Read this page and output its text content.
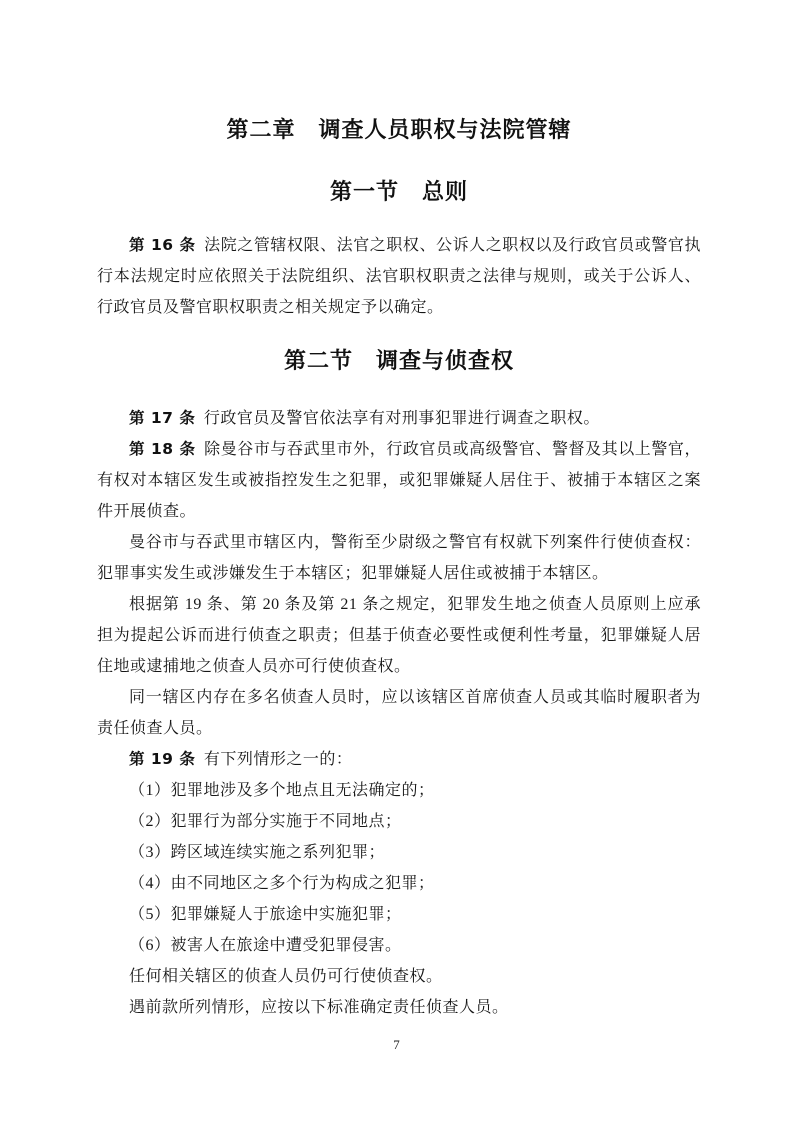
第二章　调查人员职权与法院管辖
第一节　总则

第 16 条 法院之管辖权限、法官之职权、公诉人之职权以及行政官员或警官执行本法规定时应依照关于法院组织、法官职权职责之法律与规则，或关于公诉人、行政官员及警官职权职责之相关规定予以确定。

第二节　调查与侦查权

第 17 条 行政官员及警官依法享有对刑事犯罪进行调查之职权。

第 18 条 除曼谷市与吞武里市外，行政官员或高级警官、警督及其以上警官，有权对本辖区发生或被指控发生之犯罪，或犯罪嫌疑人居住于、被捕于本辖区之案件开展侦查。

曼谷市与吞武里市辖区内，警衔至少尉级之警官有权就下列案件行使侦查权：犯罪事实发生或涉嫌发生于本辖区；犯罪嫌疑人居住或被捕于本辖区。

根据第 19 条、第 20 条及第 21 条之规定，犯罪发生地之侦查人员原则上应承担为提起公诉而进行侦查之职责；但基于侦查必要性或便利性考量，犯罪嫌疑人居住地或逮捕地之侦查人员亦可行使侦查权。

同一辖区内存在多名侦查人员时，应以该辖区首席侦查人员或其临时履职者为责任侦查人员。

第 19 条 有下列情形之一的：

（1）犯罪地涉及多个地点且无法确定的；

（2）犯罪行为部分实施于不同地点；

（3）跨区域连续实施之系列犯罪；

（4）由不同地区之多个行为构成之犯罪；

（5）犯罪嫌疑人于旅途中实施犯罪；

（6）被害人在旅途中遭受犯罪侵害。

任何相关辖区的侦查人员仍可行使侦查权。

遇前款所列情形，应按以下标准确定责任侦查人员。

7
